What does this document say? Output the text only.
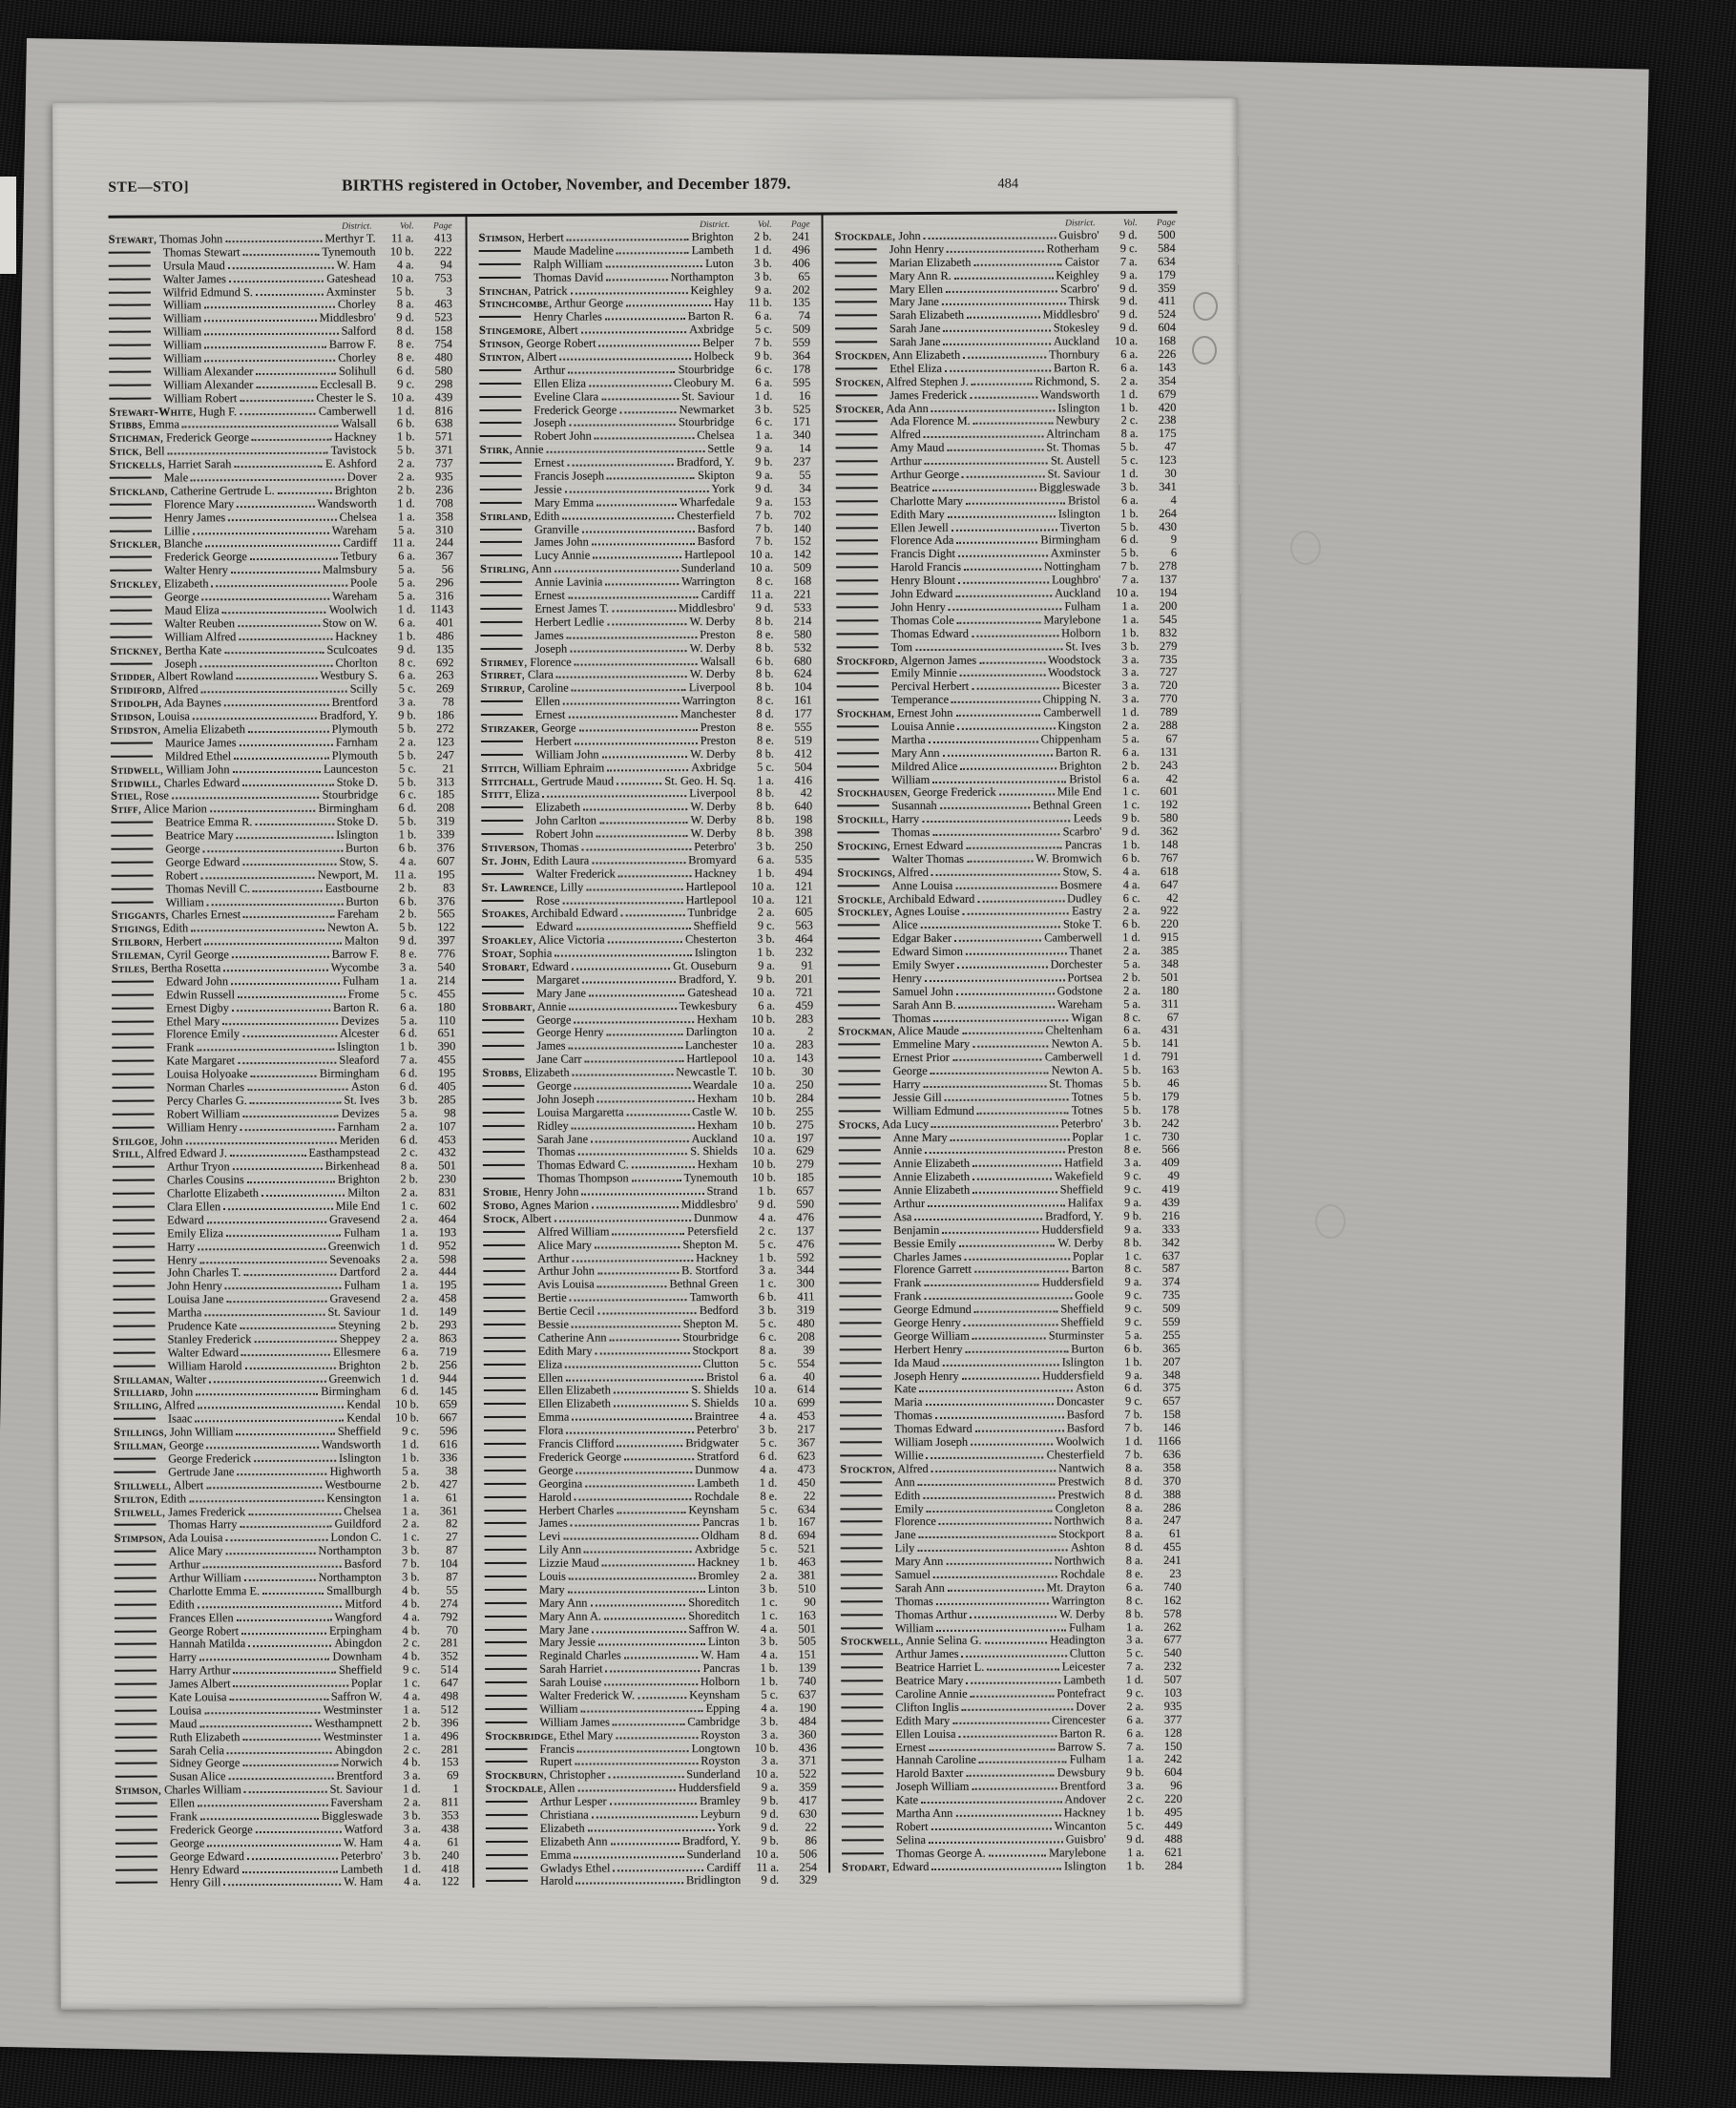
STE—STO]	BIRTHS registered in October, November, and December 1879.	484
District.	Vol.	Page
Stewart, Thomas John	Merthyr T.	11 a.	413
Thomas Stewart	Tynemouth	10 b.	222
Ursula Maud	W. Ham	4 a.	94
Walter James	Gateshead	10 a.	753
Wilfrid Edmund S.	Axminster	5 b.	3
William	Chorley	8 a.	463
William	Middlesbro'	9 d.	523
William	Salford	8 d.	158
William	Barrow F.	8 e.	754
William	Chorley	8 e.	480
William Alexander	Solihull	6 d.	580
William Alexander	Ecclesall B.	9 c.	298
William Robert	Chester le S.	10 a.	439
Stewart-White, Hugh F.	Camberwell	1 d.	816
Stibbs, Emma	Walsall	6 b.	638
Stichman, Frederick George	Hackney	1 b.	571
Stick, Bell	Tavistock	5 b.	371
Stickells, Harriet Sarah	E. Ashford	2 a.	737
Male	Dover	2 a.	935
Stickland, Catherine Gertrude L.	Brighton	2 b.	236
Florence Mary	Wandsworth	1 d.	708
Henry James	Chelsea	1 a.	358
Lillie	Wareham	5 a.	310
Stickler, Blanche	Cardiff	11 a.	244
Frederick George	Tetbury	6 a.	367
Walter Henry	Malmsbury	5 a.	56
Stickley, Elizabeth	Poole	5 a.	296
George	Wareham	5 a.	316
Maud Eliza	Woolwich	1 d.	1143
Walter Reuben	Stow on W.	6 a.	401
William Alfred	Hackney	1 b.	486
Stickney, Bertha Kate	Sculcoates	9 d.	135
Joseph	Chorlton	8 c.	692
Stidder, Albert Rowland	Westbury S.	6 a.	263
Stidiford, Alfred	Scilly	5 c.	269
Stidolph, Ada Baynes	Brentford	3 a.	78
Stidson, Louisa	Bradford, Y.	9 b.	186
Stidston, Amelia Elizabeth	Plymouth	5 b.	272
Maurice James	Farnham	2 a.	123
Mildred Ethel	Plymouth	5 b.	247
Stidwell, William John	Launceston	5 c.	21
Stidwill, Charles Edward	Stoke D.	5 b.	313
Stiel, Rose	Stourbridge	6 c.	185
Stiff, Alice Marion	Birmingham	6 d.	208
Beatrice Emma R.	Stoke D.	5 b.	319
Beatrice Mary	Islington	1 b.	339
George	Burton	6 b.	376
George Edward	Stow, S.	4 a.	607
Robert	Newport, M.	11 a.	195
Thomas Nevill C.	Eastbourne	2 b.	83
William	Burton	6 b.	376
Stiggants, Charles Ernest	Fareham	2 b.	565
Stigings, Edith	Newton A.	5 b.	122
Stilborn, Herbert	Malton	9 d.	397
Stileman, Cyril George	Barrow F.	8 e.	776
Stiles, Bertha Rosetta	Wycombe	3 a.	540
Edward John	Fulham	1 a.	214
Edwin Russell	Frome	5 c.	455
Ernest Digby	Barton R.	6 a.	180
Ethel Mary	Devizes	5 a.	110
Florence Emily	Alcester	6 d.	651
Frank	Islington	1 b.	390
Kate Margaret	Sleaford	7 a.	455
Louisa Holyoake	Birmingham	6 d.	195
Norman Charles	Aston	6 d.	405
Percy Charles G.	St. Ives	3 b.	285
Robert William	Devizes	5 a.	98
William Henry	Farnham	2 a.	107
Stilgoe, John	Meriden	6 d.	453
Still, Alfred Edward J.	Easthampstead	2 c.	432
Arthur Tryon	Birkenhead	8 a.	501
Charles Cousins	Brighton	2 b.	230
Charlotte Elizabeth	Milton	2 a.	831
Clara Ellen	Mile End	1 c.	602
Edward	Gravesend	2 a.	464
Emily Eliza	Fulham	1 a.	193
Harry	Greenwich	1 d.	952
Henry	Sevenoaks	2 a.	598
John Charles T.	Dartford	2 a.	444
John Henry	Fulham	1 a.	195
Louisa Jane	Gravesend	2 a.	458
Martha	St. Saviour	1 d.	149
Prudence Kate	Steyning	2 b.	293
Stanley Frederick	Sheppey	2 a.	863
Walter Edward	Ellesmere	6 a.	719
William Harold	Brighton	2 b.	256
Stillaman, Walter	Greenwich	1 d.	944
Stilliard, John	Birmingham	6 d.	145
Stilling, Alfred	Kendal	10 b.	659
Isaac	Kendal	10 b.	667
Stillings, John William	Sheffield	9 c.	596
Stillman, George	Wandsworth	1 d.	616
George Frederick	Islington	1 b.	336
Gertrude Jane	Highworth	5 a.	38
Stillwell, Albert	Westbourne	2 b.	427
Stilton, Edith	Kensington	1 a.	61
Stilwell, James Frederick	Chelsea	1 a.	361
Thomas Harry	Guildford	2 a.	82
Stimpson, Ada Louisa	London C.	1 c.	27
Alice Mary	Northampton	3 b.	87
Arthur	Basford	7 b.	104
Arthur William	Northampton	3 b.	87
Charlotte Emma E.	Smallburgh	4 b.	55
Edith	Mitford	4 b.	274
Frances Ellen	Wangford	4 a.	792
George Robert	Erpingham	4 b.	70
Hannah Matilda	Abingdon	2 c.	281
Harry	Downham	4 b.	352
Harry Arthur	Sheffield	9 c.	514
James Albert	Poplar	1 c.	647
Kate Louisa	Saffron W.	4 a.	498
Louisa	Westminster	1 a.	512
Maud	Westhampnett	2 b.	396
Ruth Elizabeth	Westminster	1 a.	496
Sarah Celia	Abingdon	2 c.	281
Sidney George	Norwich	4 b.	153
Susan Alice	Brentford	3 a.	69
Stimson, Charles William	St. Saviour	1 d.	1
Ellen	Faversham	2 a.	811
Frank	Biggleswade	3 b.	353
Frederick George	Watford	3 a.	438
George	W. Ham	4 a.	61
George Edward	Peterbro'	3 b.	240
Henry Edward	Lambeth	1 d.	418
Henry Gill	W. Ham	4 a.	122
District.	Vol.	Page
Stimson, Herbert	Brighton	2 b.	241
Maude Madeline	Lambeth	1 d.	496
Ralph William	Luton	3 b.	406
Thomas David	Northampton	3 b.	65
Stinchan, Patrick	Keighley	9 a.	202
Stinchcombe, Arthur George	Hay	11 b.	135
Henry Charles	Barton R.	6 a.	74
Stingemore, Albert	Axbridge	5 c.	509
Stinson, George Robert	Belper	7 b.	559
Stinton, Albert	Holbeck	9 b.	364
Arthur	Stourbridge	6 c.	178
Ellen Eliza	Cleobury M.	6 a.	595
Eveline Clara	St. Saviour	1 d.	16
Frederick George	Newmarket	3 b.	525
Joseph	Stourbridge	6 c.	171
Robert John	Chelsea	1 a.	340
Stirk, Annie	Settle	9 a.	14
Ernest	Bradford, Y.	9 b.	237
Francis Joseph	Skipton	9 a.	55
Jessie	York	9 d.	34
Mary Emma	Wharfedale	9 a.	153
Stirland, Edith	Chesterfield	7 b.	702
Granville	Basford	7 b.	140
James John	Basford	7 b.	152
Lucy Annie	Hartlepool	10 a.	142
Stirling, Ann	Sunderland	10 a.	509
Annie Lavinia	Warrington	8 c.	168
Ernest	Cardiff	11 a.	221
Ernest James T.	Middlesbro'	9 d.	533
Herbert Ledlie	W. Derby	8 b.	214
James	Preston	8 e.	580
Joseph	W. Derby	8 b.	532
Stirmey, Florence	Walsall	6 b.	680
Stirret, Clara	W. Derby	8 b.	624
Stirrup, Caroline	Liverpool	8 b.	104
Ellen	Warrington	8 c.	161
Ernest	Manchester	8 d.	177
Stirzaker, George	Preston	8 e.	555
Herbert	Preston	8 e.	519
William John	W. Derby	8 b.	412
Stitch, William Ephraim	Axbridge	5 c.	504
Stitchall, Gertrude Maud	St. Geo. H. Sq.	1 a.	416
Stitt, Eliza	Liverpool	8 b.	42
Elizabeth	W. Derby	8 b.	640
John Carlton	W. Derby	8 b.	198
Robert John	W. Derby	8 b.	398
Stiverson, Thomas	Peterbro'	3 b.	250
St. John, Edith Laura	Bromyard	6 a.	535
Walter Frederick	Hackney	1 b.	494
St. Lawrence, Lilly	Hartlepool	10 a.	121
Rose	Hartlepool	10 a.	121
Stoakes, Archibald Edward	Tunbridge	2 a.	605
Edward	Sheffield	9 c.	563
Stoakley, Alice Victoria	Chesterton	3 b.	464
Stoat, Sophia	Islington	1 b.	232
Stobart, Edward	Gt. Ouseburn	9 a.	91
Margaret	Bradford, Y.	9 b.	201
Mary Jane	Gateshead	10 a.	721
Stobbart, Annie	Tewkesbury	6 a.	459
George	Hexham	10 b.	283
George Henry	Darlington	10 a.	2
James	Lanchester	10 a.	283
Jane Carr	Hartlepool	10 a.	143
Stobbs, Elizabeth	Newcastle T.	10 b.	30
George	Weardale	10 a.	250
John Joseph	Hexham	10 b.	284
Louisa Margaretta	Castle W.	10 b.	255
Ridley	Hexham	10 b.	275
Sarah Jane	Auckland	10 a.	197
Thomas	S. Shields	10 a.	629
Thomas Edward C.	Hexham	10 b.	279
Thomas Thompson	Tynemouth	10 b.	185
Stobie, Henry John	Strand	1 b.	657
Stobo, Agnes Marion	Middlesbro'	9 d.	590
Stock, Albert	Dunmow	4 a.	476
Alfred William	Petersfield	2 c.	137
Alice Mary	Shepton M.	5 c.	476
Arthur	Hackney	1 b.	592
Arthur John	B. Stortford	3 a.	344
Avis Louisa	Bethnal Green	1 c.	300
Bertie	Tamworth	6 b.	411
Bertie Cecil	Bedford	3 b.	319
Bessie	Shepton M.	5 c.	480
Catherine Ann	Stourbridge	6 c.	208
Edith Mary	Stockport	8 a.	39
Eliza	Clutton	5 c.	554
Ellen	Bristol	6 a.	40
Ellen Elizabeth	S. Shields	10 a.	614
Ellen Elizabeth	S. Shields	10 a.	699
Emma	Braintree	4 a.	453
Flora	Peterbro'	3 b.	217
Francis Clifford	Bridgwater	5 c.	367
Frederick George	Stratford	6 d.	623
George	Dunmow	4 a.	473
Georgina	Lambeth	1 d.	450
Harold	Rochdale	8 e.	22
Herbert Charles	Keynsham	5 c.	634
James	Pancras	1 b.	167
Levi	Oldham	8 d.	694
Lily Ann	Axbridge	5 c.	521
Lizzie Maud	Hackney	1 b.	463
Louis	Bromley	2 a.	381
Mary	Linton	3 b.	510
Mary Ann	Shoreditch	1 c.	90
Mary Ann A.	Shoreditch	1 c.	163
Mary Jane	Saffron W.	4 a.	501
Mary Jessie	Linton	3 b.	505
Reginald Charles	W. Ham	4 a.	151
Sarah Harriet	Pancras	1 b.	139
Sarah Louise	Holborn	1 b.	740
Walter Frederick W.	Keynsham	5 c.	637
William	Epping	4 a.	190
William James	Cambridge	3 b.	484
Stockbridge, Ethel Mary	Royston	3 a.	360
Francis	Longtown	10 b.	436
Rupert	Royston	3 a.	371
Stockburn, Christopher	Sunderland	10 a.	522
Stockdale, Allen	Huddersfield	9 a.	359
Arthur Lesper	Bramley	9 b.	417
Christiana	Leyburn	9 d.	630
Elizabeth	York	9 d.	22
Elizabeth Ann	Bradford, Y.	9 b.	86
Emma	Sunderland	10 a.	506
Gwladys Ethel	Cardiff	11 a.	254
Harold	Bridlington	9 d.	329
District.	Vol.	Page
Stockdale, John	Guisbro'	9 d.	500
John Henry	Rotherham	9 c.	584
Marian Elizabeth	Caistor	7 a.	634
Mary Ann R.	Keighley	9 a.	179
Mary Ellen	Scarbro'	9 d.	359
Mary Jane	Thirsk	9 d.	411
Sarah Elizabeth	Middlesbro'	9 d.	524
Sarah Jane	Stokesley	9 d.	604
Sarah Jane	Auckland	10 a.	168
Stockden, Ann Elizabeth	Thornbury	6 a.	226
Ethel Eliza	Barton R.	6 a.	143
Stocken, Alfred Stephen J.	Richmond, S.	2 a.	354
James Frederick	Wandsworth	1 d.	679
Stocker, Ada Ann	Islington	1 b.	420
Ada Florence M.	Newbury	2 c.	238
Alfred	Altrincham	8 a.	175
Amy Maud	St. Thomas	5 b.	47
Arthur	St. Austell	5 c.	123
Arthur George	St. Saviour	1 d.	30
Beatrice	Biggleswade	3 b.	341
Charlotte Mary	Bristol	6 a.	4
Edith Mary	Islington	1 b.	264
Ellen Jewell	Tiverton	5 b.	430
Florence Ada	Birmingham	6 d.	9
Francis Dight	Axminster	5 b.	6
Harold Francis	Nottingham	7 b.	278
Henry Blount	Loughbro'	7 a.	137
John Edward	Auckland	10 a.	194
John Henry	Fulham	1 a.	200
Thomas Cole	Marylebone	1 a.	545
Thomas Edward	Holborn	1 b.	832
Tom	St. Ives	3 b.	279
Stockford, Algernon James	Woodstock	3 a.	735
Emily Minnie	Woodstock	3 a.	727
Percival Herbert	Bicester	3 a.	720
Temperance	Chipping N.	3 a.	770
Stockham, Ernest John	Camberwell	1 d.	789
Louisa Annie	Kingston	2 a.	288
Martha	Chippenham	5 a.	67
Mary Ann	Barton R.	6 a.	131
Mildred Alice	Brighton	2 b.	243
William	Bristol	6 a.	42
Stockhausen, George Frederick	Mile End	1 c.	601
Susannah	Bethnal Green	1 c.	192
Stockill, Harry	Leeds	9 b.	580
Thomas	Scarbro'	9 d.	362
Stocking, Ernest Edward	Pancras	1 b.	148
Walter Thomas	W. Bromwich	6 b.	767
Stockings, Alfred	Stow, S.	4 a.	618
Anne Louisa	Bosmere	4 a.	647
Stockle, Archibald Edward	Dudley	6 c.	42
Stockley, Agnes Louise	Eastry	2 a.	922
Alice	Stoke T.	6 b.	220
Edgar Baker	Camberwell	1 d.	915
Edward Simon	Thanet	2 a.	385
Emily Swyer	Dorchester	5 a.	348
Henry	Portsea	2 b.	501
Samuel John	Godstone	2 a.	180
Sarah Ann B.	Wareham	5 a.	311
Thomas	Wigan	8 c.	67
Stockman, Alice Maude	Cheltenham	6 a.	431
Emmeline Mary	Newton A.	5 b.	141
Ernest Prior	Camberwell	1 d.	791
George	Newton A.	5 b.	163
Harry	St. Thomas	5 b.	46
Jessie Gill	Totnes	5 b.	179
William Edmund	Totnes	5 b.	178
Stocks, Ada Lucy	Peterbro'	3 b.	242
Anne Mary	Poplar	1 c.	730
Annie	Preston	8 e.	566
Annie Elizabeth	Hatfield	3 a.	409
Annie Elizabeth	Wakefield	9 c.	49
Annie Elizabeth	Sheffield	9 c.	419
Arthur	Halifax	9 a.	439
Asa	Bradford, Y.	9 b.	216
Benjamin	Huddersfield	9 a.	333
Bessie Emily	W. Derby	8 b.	342
Charles James	Poplar	1 c.	637
Florence Garrett	Barton	8 c.	587
Frank	Huddersfield	9 a.	374
Frank	Goole	9 c.	735
George Edmund	Sheffield	9 c.	509
George Henry	Sheffield	9 c.	559
George William	Sturminster	5 a.	255
Herbert Henry	Burton	6 b.	365
Ida Maud	Islington	1 b.	207
Joseph Henry	Huddersfield	9 a.	348
Kate	Aston	6 d.	375
Maria	Doncaster	9 c.	657
Thomas	Basford	7 b.	158
Thomas Edward	Basford	7 b.	146
William Joseph	Woolwich	1 d.	1166
Willie	Chesterfield	7 b.	636
Stockton, Alfred	Nantwich	8 a.	358
Ann	Prestwich	8 d.	370
Edith	Prestwich	8 d.	388
Emily	Congleton	8 a.	286
Florence	Northwich	8 a.	247
Jane	Stockport	8 a.	61
Lily	Ashton	8 d.	455
Mary Ann	Northwich	8 a.	241
Samuel	Rochdale	8 e.	23
Sarah Ann	Mt. Drayton	6 a.	740
Thomas	Warrington	8 c.	162
Thomas Arthur	W. Derby	8 b.	578
William	Fulham	1 a.	262
Stockwell, Annie Selina G.	Headington	3 a.	677
Arthur James	Clutton	5 c.	540
Beatrice Harriet L.	Leicester	7 a.	232
Beatrice Mary	Lambeth	1 d.	507
Caroline Annie	Pontefract	9 c.	103
Clifton Inglis	Dover	2 a.	935
Edith Mary	Cirencester	6 a.	377
Ellen Louisa	Barton R.	6 a.	128
Ernest	Barrow S.	7 a.	150
Hannah Caroline	Fulham	1 a.	242
Harold Baxter	Dewsbury	9 b.	604
Joseph William	Brentford	3 a.	96
Kate	Andover	2 c.	220
Martha Ann	Hackney	1 b.	495
Robert	Wincanton	5 c.	449
Selina	Guisbro'	9 d.	488
Thomas George A.	Marylebone	1 a.	621
Stodart, Edward	Islington	1 b.	284
